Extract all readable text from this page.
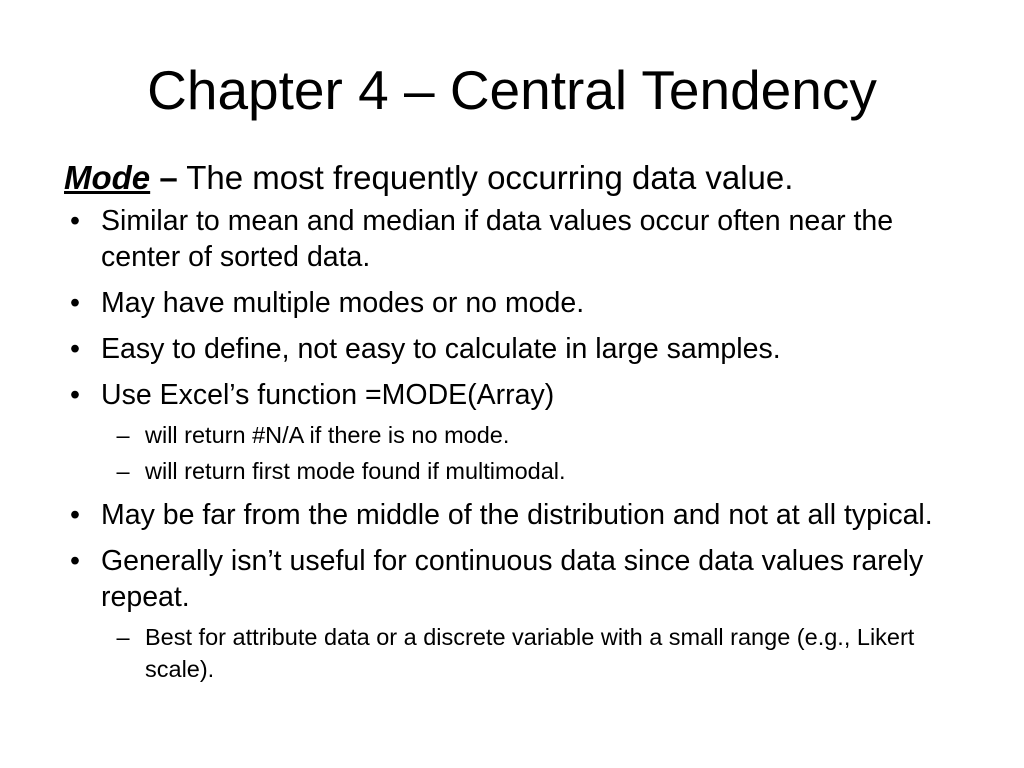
Chapter 4 – Central Tendency

Mode – The most frequently occurring data value.

• Similar to mean and median if data values occur often near the center of sorted data.
• May have multiple modes or no mode.
• Easy to define, not easy to calculate in large samples.
• Use Excel’s function =MODE(Array)
– will return #N/A if there is no mode.
– will return first mode found if multimodal.
• May be far from the middle of the distribution and not at all typical.
• Generally isn’t useful for continuous data since data values rarely repeat.
– Best for attribute data or a discrete variable with a small range (e.g., Likert scale).
